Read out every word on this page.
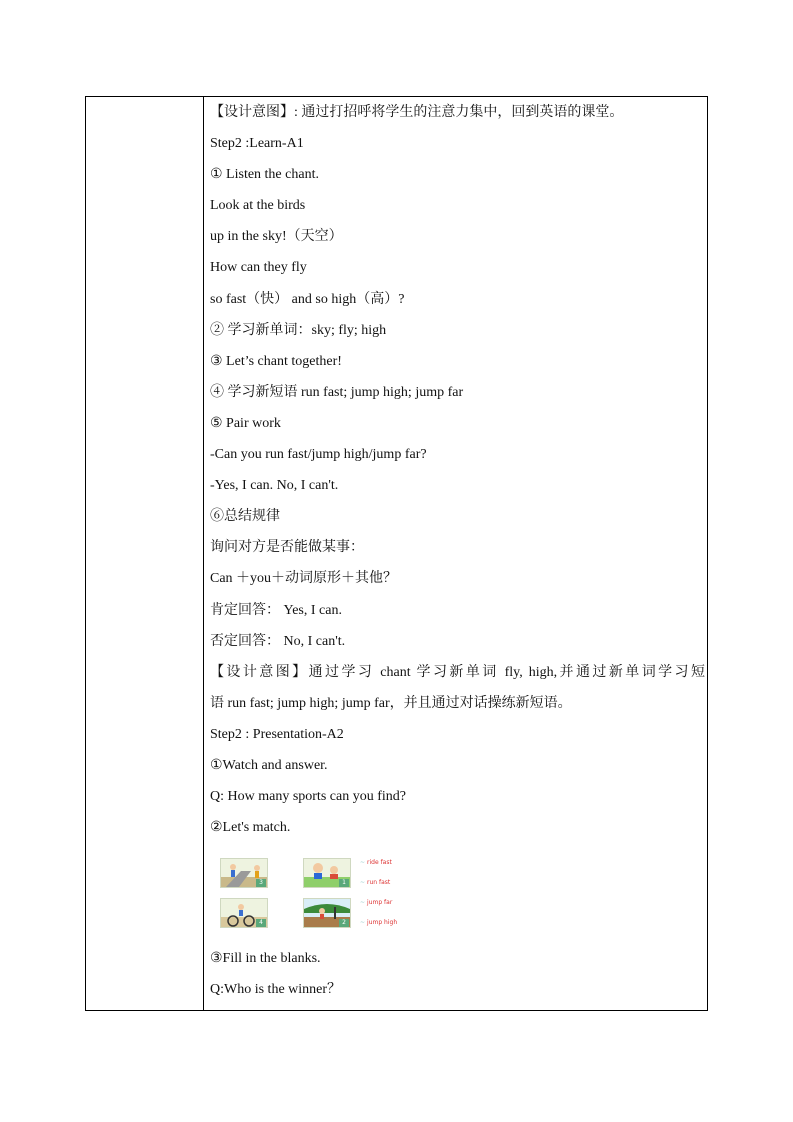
【设计意图】: 通过打招呼将学生的注意力集中，回到英语的课堂。
Step2 :Learn-A1
① Listen the chant.
Look at the birds
up in the sky!（天空）
How can they fly
so fast（快） and so high（高）?
② 学习新单词：sky; fly; high
③ Let’s chant together!
④ 学习新短语 run fast; jump high; jump far
⑤ Pair work
-Can you run fast/jump high/jump far?
-Yes, I can. No, I can't.
⑥总结规律
询问对方是否能做某事：
Can ＋you＋动词原形＋其他？
肯定回答： Yes, I can.
否定回答： No, I can't.
【设计意图】通过学习 chant 学习新单词 fly, high,并通过新单词学习短
语 run fast; jump high; jump far，并且通过对话操练新短语。
Step2 : Presentation-A2
①Watch and answer.
Q: How many sports can you find?
②Let's match.
3	1
4	2
~ ride fast
~ run fast
~ jump far
~ jump high
③Fill in the blanks.
Q:Who is the winner？
